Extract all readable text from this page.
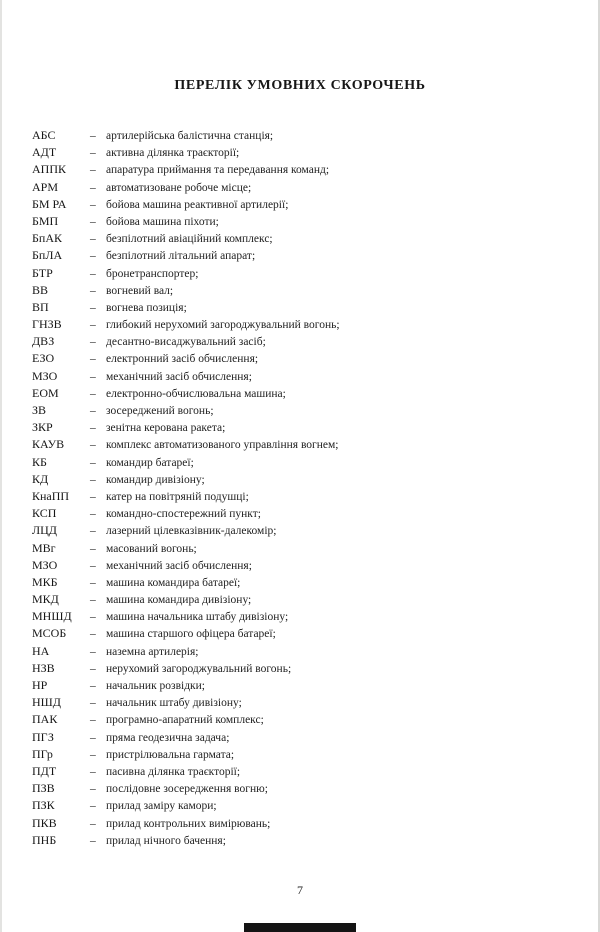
ПЕРЕЛІК УМОВНИХ СКОРОЧЕНЬ
АБС	– артилерійська балістична станція;
АДТ	– активна ділянка траєкторії;
АППК	– апаратура приймання та передавання команд;
АРМ	– автоматизоване робоче місце;
БМ РА	– бойова машина реактивної артилерії;
БМП	– бойова машина піхоти;
БпАК	– безпілотний авіаційний комплекс;
БпЛА	– безпілотний літальний апарат;
БТР	– бронетранспортер;
ВВ	– вогневий вал;
ВП	– вогнева позиція;
ГНЗВ	– глибокий нерухомий загороджувальний вогонь;
ДВЗ	– десантно-висаджувальний засіб;
ЕЗО	– електронний засіб обчислення;
МЗО	– механічний засіб обчислення;
ЕОМ	– електронно-обчислювальна машина;
ЗВ	– зосереджений вогонь;
ЗКР	– зенітна керована ракета;
КАУВ	– комплекс автоматизованого управління вогнем;
КБ	– командир батареї;
КД	– командир дивізіону;
КнаПП	– катер на повітряній подушці;
КСП	– командно-спостережний пункт;
ЛЦД	– лазерний цілевказівник-далекомір;
МВг	– масований вогонь;
МЗО	– механічний засіб обчислення;
МКБ	– машина командира батареї;
МКД	– машина командира дивізіону;
МНШД	– машина начальника штабу дивізіону;
МСОБ	– машина старшого офіцера батареї;
НА	– наземна артилерія;
НЗВ	– нерухомий загороджувальний вогонь;
НР	– начальник розвідки;
НШД	– начальник штабу дивізіону;
ПАК	– програмно-апаратний комплекс;
ПГЗ	– пряма геодезична задача;
ПГр	– пристрілювальна гармата;
ПДТ	– пасивна ділянка траєкторії;
ПЗВ	– послідовне зосередження вогню;
ПЗК	– прилад заміру камори;
ПКВ	– прилад контрольних вимірювань;
ПНБ	– прилад нічного бачення;
7
